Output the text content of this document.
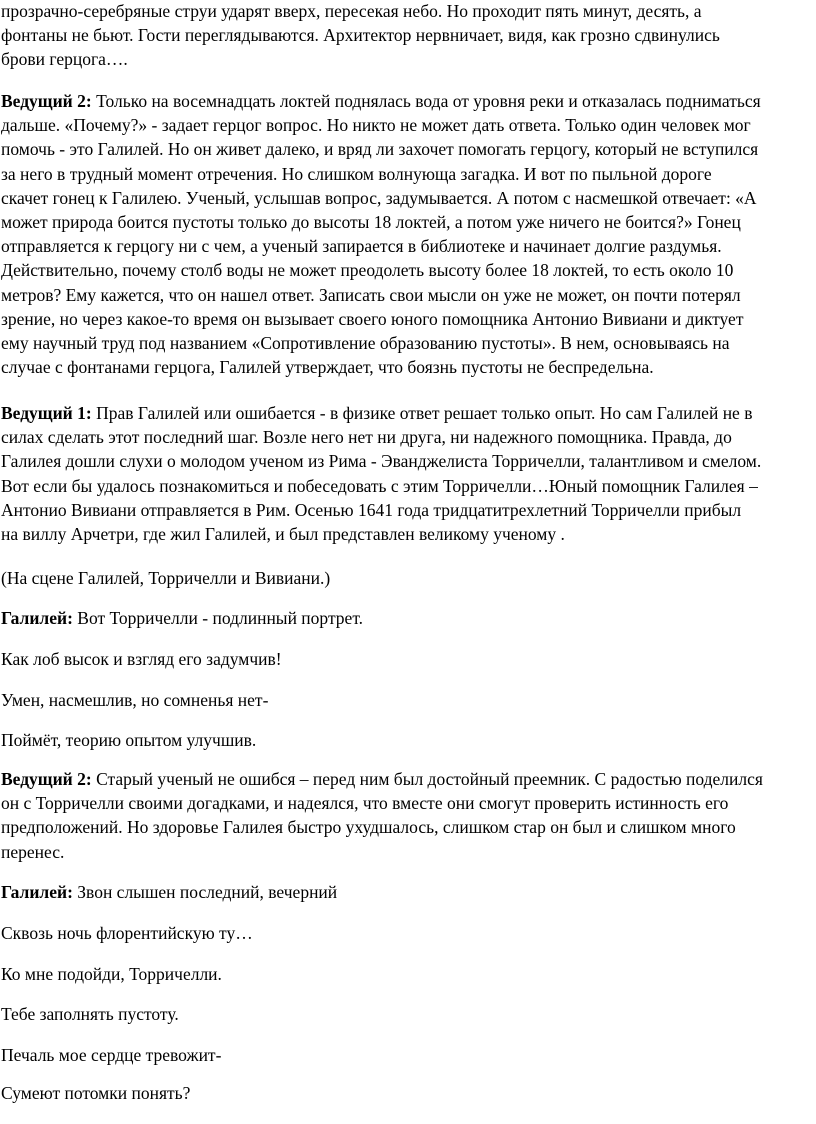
прозрачно-серебряные струи ударят вверх, пересекая небо. Но проходит пять минут, десять, а
фонтаны не бьют. Гости переглядываются. Архитектор нервничает, видя, как грозно сдвинулись
брови герцога….
Ведущий 2: Только на восемнадцать локтей поднялась вода от уровня реки и отказалась подниматься
дальше. «Почему?» - задает герцог вопрос. Но никто не может дать ответа. Только один человек мог
помочь - это Галилей. Но он живет далеко, и вряд ли захочет помогать герцогу, который не вступился
за него в трудный момент отречения. Но слишком волнующа загадка. И вот по пыльной дороге
скачет гонец к Галилею. Ученый, услышав вопрос, задумывается. А потом с насмешкой отвечает: «А
может природа боится пустоты только до высоты 18 локтей, а потом уже ничего не боится?» Гонец
отправляется к герцогу ни с чем, а ученый запирается в библиотеке и начинает долгие раздумья.
Действительно, почему столб воды не может преодолеть высоту более 18 локтей, то есть около 10
метров? Ему кажется, что он нашел ответ. Записать свои мысли он уже не может, он почти потерял
зрение, но через какое-то время он вызывает своего юного помощника Антонио Вивиани и диктует
ему научный труд под названием «Сопротивление образованию пустоты». В нем, основываясь на
случае с фонтанами герцога, Галилей утверждает, что боязнь пустоты не беспредельна.
Ведущий 1: Прав Галилей или ошибается - в физике ответ решает только опыт. Но сам Галилей не в
силах сделать этот последний шаг. Возле него нет ни друга, ни надежного помощника. Правда, до
Галилея дошли слухи о молодом ученом из Рима - Эванджелиста Торричелли, талантливом и смелом.
Вот если бы удалось познакомиться и побеседовать с этим Торричелли…Юный помощник Галилея –
Антонио Вивиани отправляется в Рим. Осенью 1641 года тридцатитрехлетний Торричелли прибыл
на виллу Арчетри, где жил Галилей, и был представлен великому ученому .
(На сцене Галилей, Торричелли и Вивиани.)
Галилей: Вот Торричелли - подлинный портрет.
Как лоб высок и взгляд его задумчив!
Умен, насмешлив, но сомненья нет-
Поймёт, теорию опытом улучшив.
Ведущий 2: Старый ученый не ошибся – перед ним был достойный преемник. С радостью поделился
он с Торричелли своими догадками, и надеялся, что вместе они смогут проверить истинность его
предположений. Но здоровье Галилея быстро ухудшалось, слишком стар он был и слишком много
перенес.
Галилей: Звон слышен последний, вечерний
Сквозь ночь флорентийскую ту…
Ко мне подойди, Торричелли.
Тебе заполнять пустоту.
Печаль мое сердце тревожит-
Сумеют потомки понять?
